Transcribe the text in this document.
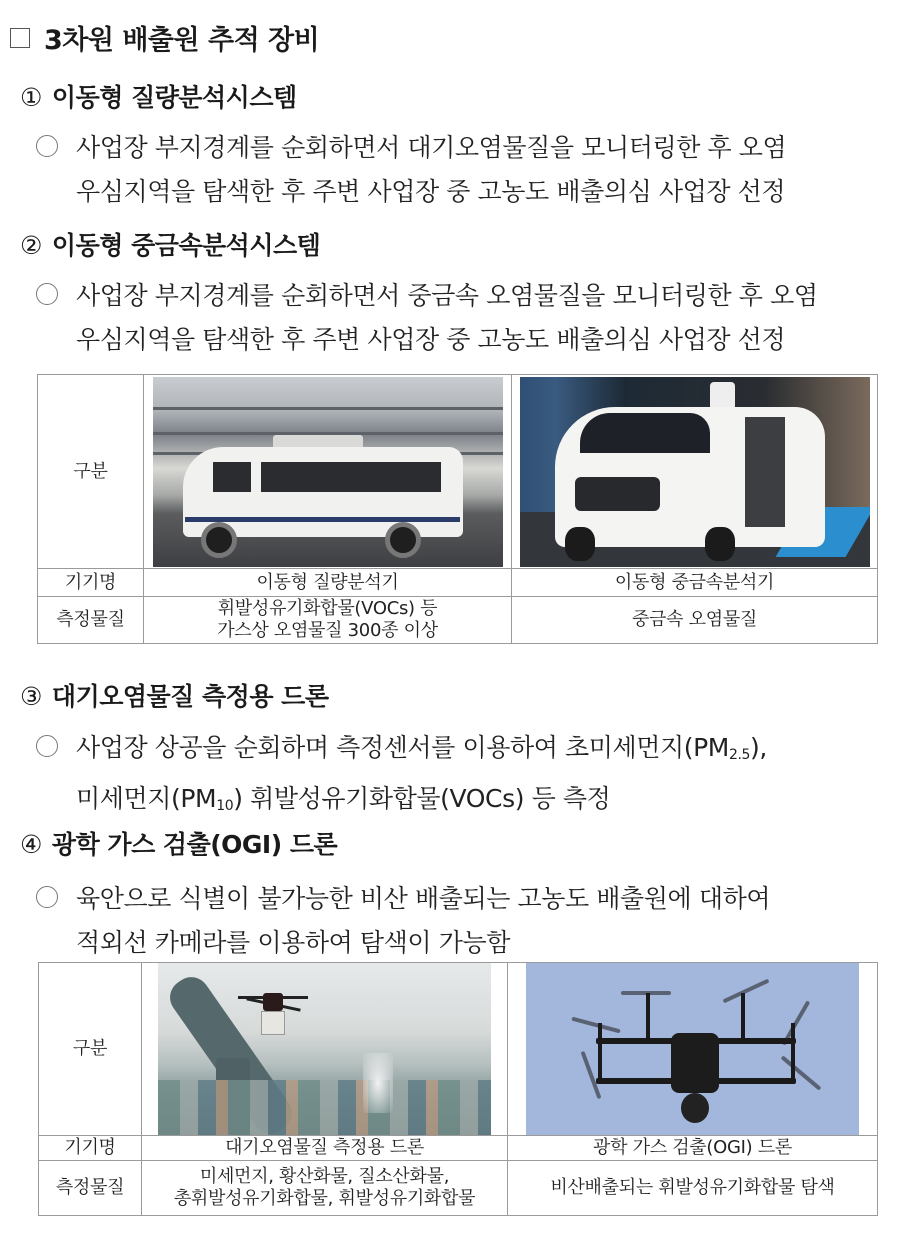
3차원 배출원 추적 장비
① 이동형 질량분석시스템
사업장 부지경계를 순회하면서 대기오염물질을 모니터링한 후 오염
우심지역을 탐색한 후 주변 사업장 중 고농도 배출의심 사업장 선정
② 이동형 중금속분석시스템
사업장 부지경계를 순회하면서 중금속 오염물질을 모니터링한 후 오염
우심지역을 탐색한 후 주변 사업장 중 고농도 배출의심 사업장 선정
구분	

기기명	이동형 질량분석기	이동형 중금속분석기
측정물질	휘발성유기화합물(VOCs) 등
가스상 오염물질 300종 이상	중금속 오염물질
③ 대기오염물질 측정용 드론
사업장 상공을 순회하며 측정센서를 이용하여 초미세먼지$(PM_{2.5})$,
미세먼지$(PM_{10})$ 휘발성유기화합물(VOCs) 등 측정
④ 광학 가스 검출(OGI) 드론
육안으로 식별이 불가능한 비산 배출되는 고농도 배출원에 대하여
적외선 카메라를 이용하여 탐색이 가능함
구분	

기기명	대기오염물질 측정용 드론	광학 가스 검출(OGI) 드론
측정물질	미세먼지, 황산화물, 질소산화물,
총휘발성유기화합물, 휘발성유기화합물	비산배출되는 휘발성유기화합물 탐색
